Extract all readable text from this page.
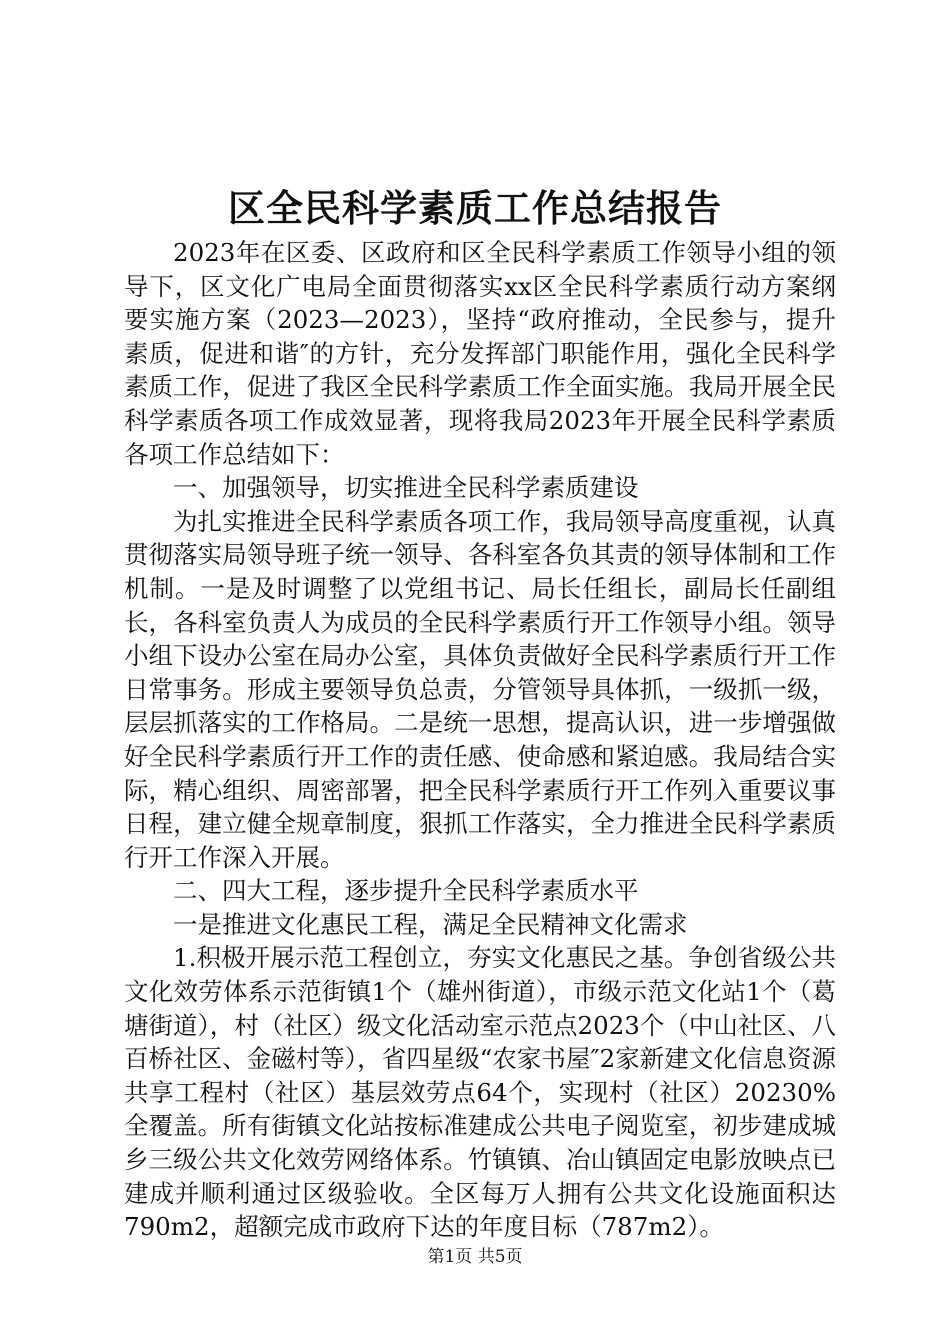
区全民科学素质工作总结报告

2023年在区委、区政府和区全民科学素质工作领导小组的领导下，区文化广电局全面贯彻落实xx区全民科学素质行动方案纲要实施方案（2023—2023），坚持“政府推动，全民参与，提升素质，促进和谐″的方针，充分发挥部门职能作用，强化全民科学素质工作，促进了我区全民科学素质工作全面实施。我局开展全民科学素质各项工作成效显著，现将我局2023年开展全民科学素质各项工作总结如下：

一、加强领导，切实推进全民科学素质建设

为扎实推进全民科学素质各项工作，我局领导高度重视，认真贯彻落实局领导班子统一领导、各科室各负其责的领导体制和工作机制。一是及时调整了以党组书记、局长任组长，副局长任副组长，各科室负责人为成员的全民科学素质行开工作领导小组。领导小组下设办公室在局办公室，具体负责做好全民科学素质行开工作日常事务。形成主要领导负总责，分管领导具体抓，一级抓一级，层层抓落实的工作格局。二是统一思想，提高认识，进一步增强做好全民科学素质行开工作的责任感、使命感和紧迫感。我局结合实际，精心组织、周密部署，把全民科学素质行开工作列入重要议事日程，建立健全规章制度，狠抓工作落实，全力推进全民科学素质行开工作深入开展。

二、四大工程，逐步提升全民科学素质水平

一是推进文化惠民工程，满足全民精神文化需求

1.积极开展示范工程创立，夯实文化惠民之基。争创省级公共文化效劳体系示范街镇1个（雄州街道），市级示范文化站1个（葛塘街道），村（社区）级文化活动室示范点2023个（中山社区、八百桥社区、金磁村等），省四星级“农家书屋″2家新建文化信息资源共享工程村（社区）基层效劳点64个，实现村（社区）20230%全覆盖。所有街镇文化站按标准建成公共电子阅览室，初步建成城乡三级公共文化效劳网络体系。竹镇镇、冶山镇固定电影放映点已建成并顺利通过区级验收。全区每万人拥有公共文化设施面积达790m2，超额完成市政府下达的年度目标（787m2）。

第1页 共5页
